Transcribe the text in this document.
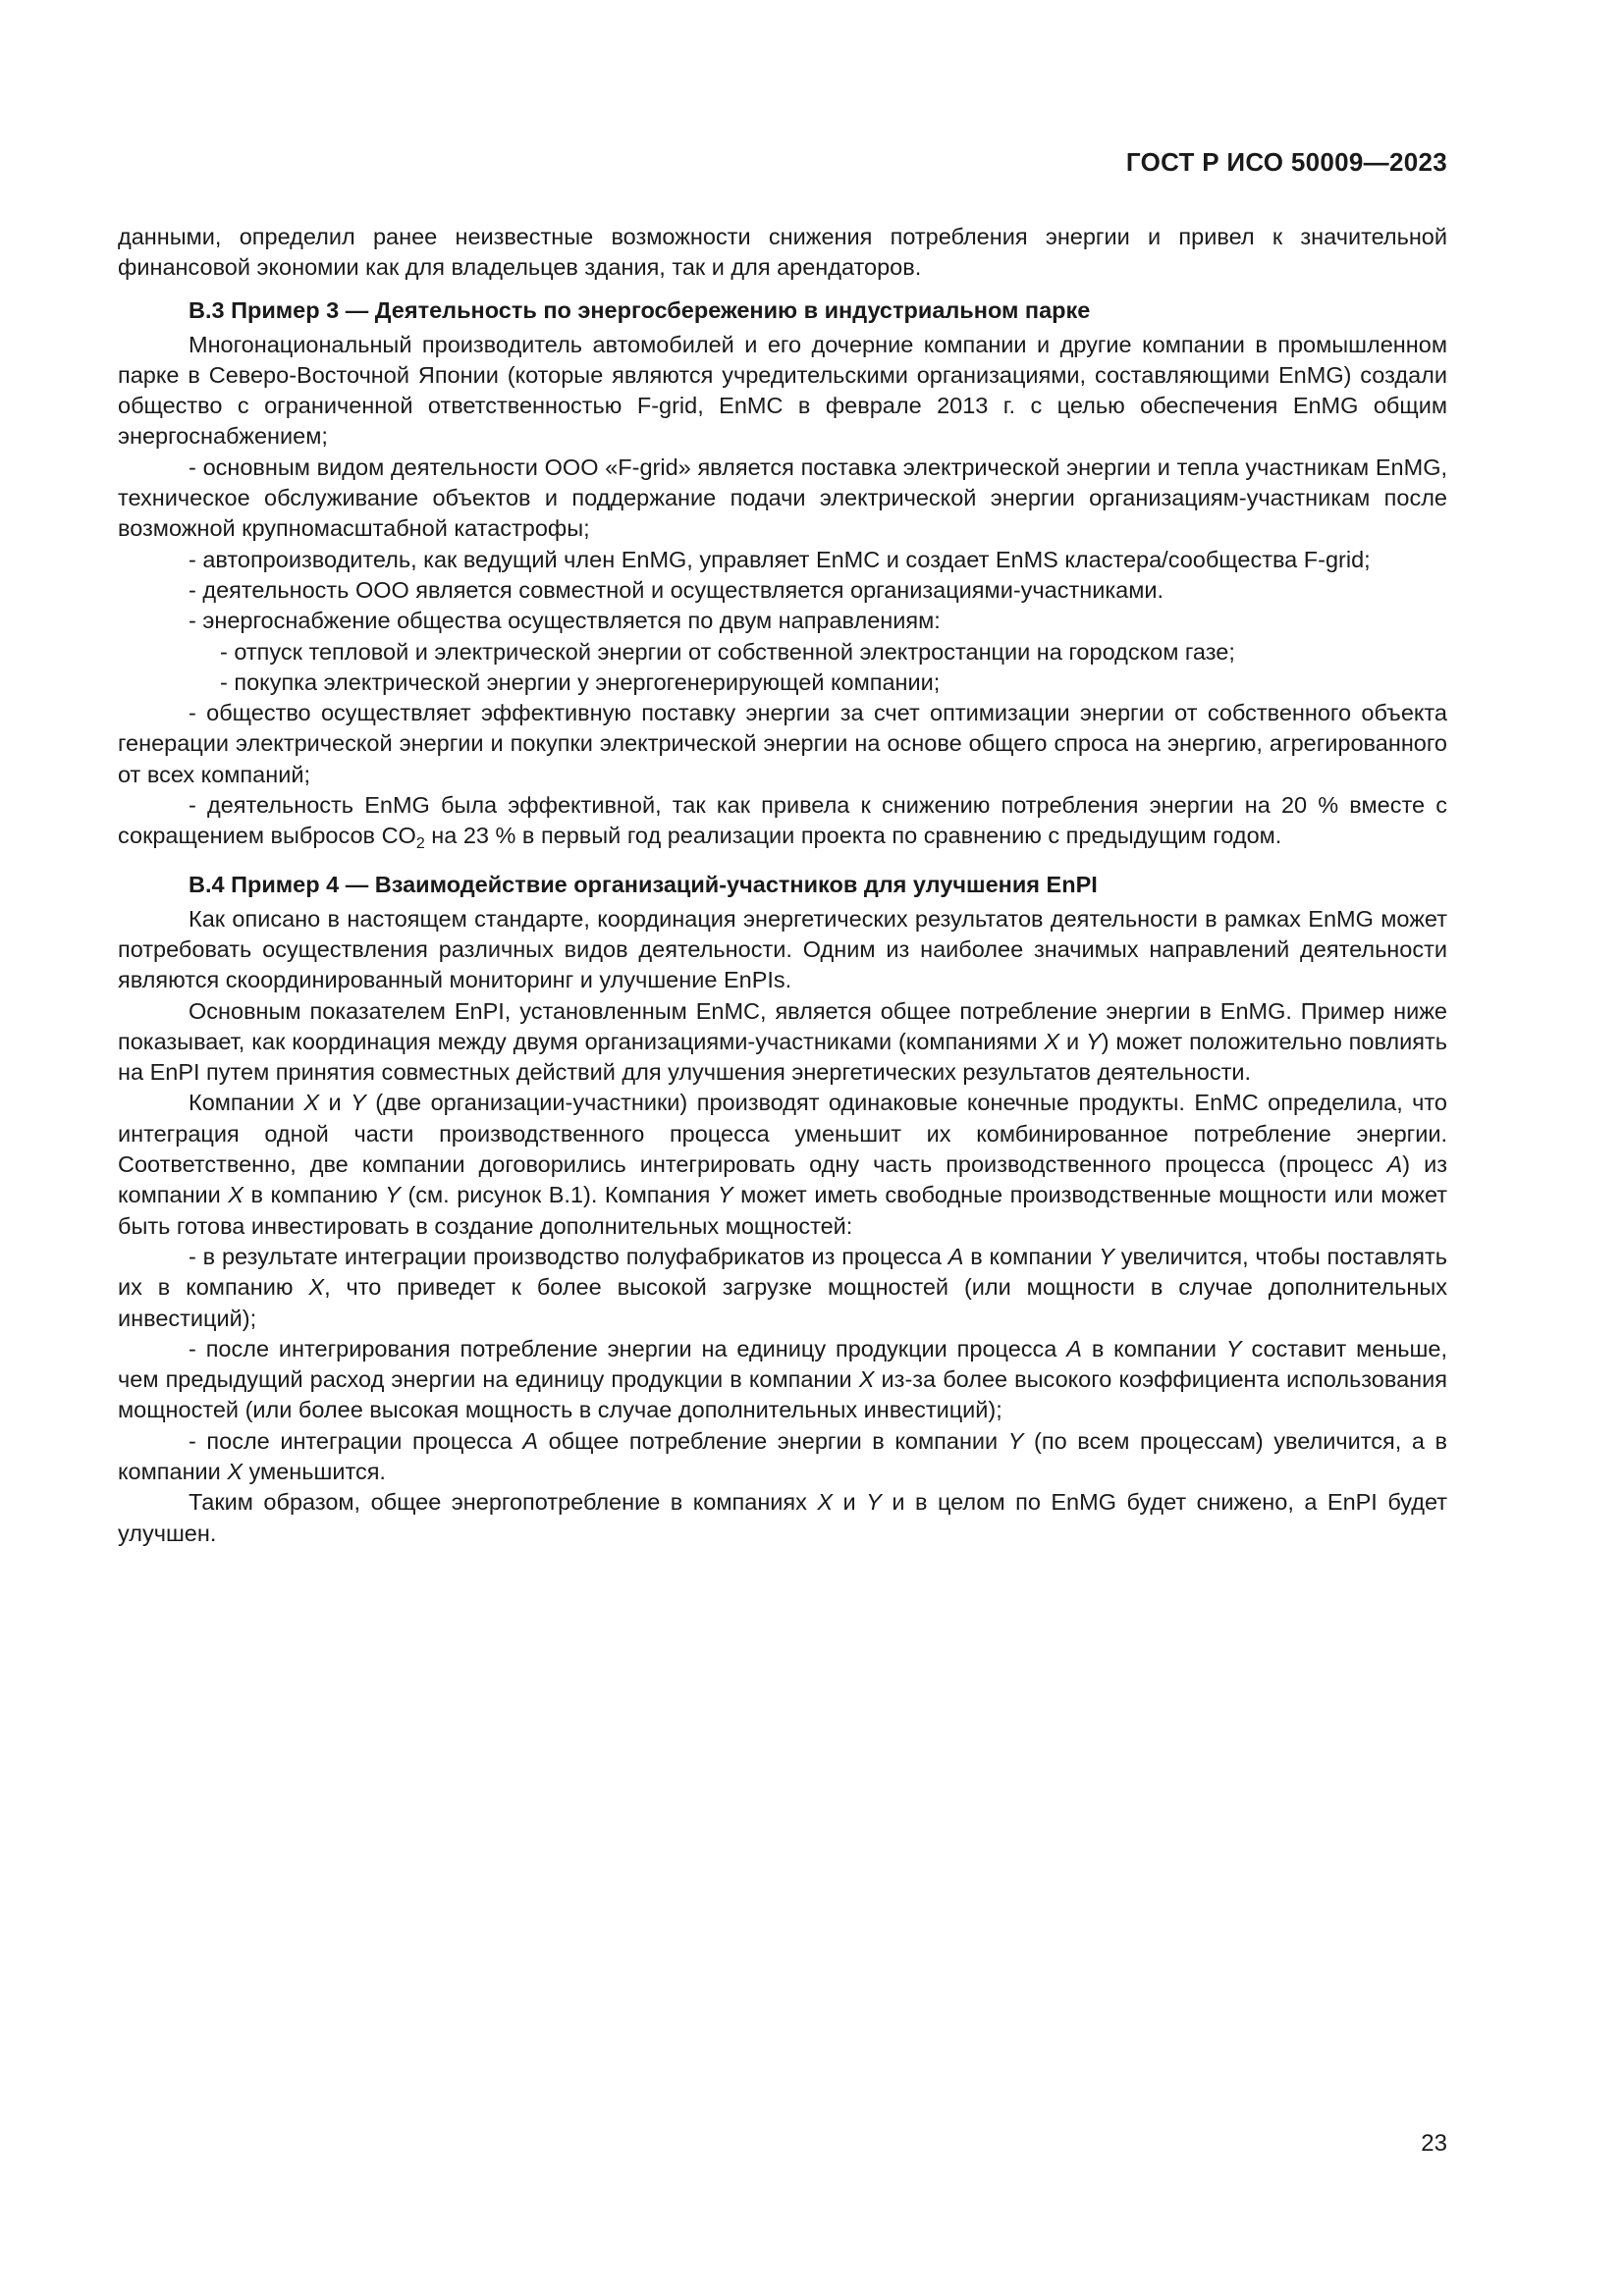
ГОСТ Р ИСО 50009—2023

данными, определил ранее неизвестные возможности снижения потребления энергии и привел к значительной финансовой экономии как для владельцев здания, так и для арендаторов.

В.3 Пример 3 — Деятельность по энергосбережению в индустриальном парке

Многонациональный производитель автомобилей и его дочерние компании и другие компании в промышленном парке в Северо-Восточной Японии (которые являются учредительскими организациями, составляющими EnMG) создали общество с ограниченной ответственностью F-grid, EnMC в феврале 2013 г. с целью обеспечения EnMG общим энергоснабжением;

- основным видом деятельности ООО «F-grid» является поставка электрической энергии и тепла участникам EnMG, техническое обслуживание объектов и поддержание подачи электрической энергии организациям-участникам после возможной крупномасштабной катастрофы;

- автопроизводитель, как ведущий член EnMG, управляет EnMC и создает EnMS кластера/сообщества F-grid;

- деятельность ООО является совместной и осуществляется организациями-участниками.

- энергоснабжение общества осуществляется по двум направлениям:

- отпуск тепловой и электрической энергии от собственной электростанции на городском газе;

- покупка электрической энергии у энергогенерирующей компании;

- общество осуществляет эффективную поставку энергии за счет оптимизации энергии от собственного объекта генерации электрической энергии и покупки электрической энергии на основе общего спроса на энергию, агрегированного от всех компаний;

- деятельность EnMG была эффективной, так как привела к снижению потребления энергии на 20 % вместе с сокращением выбросов $CO_2$ на 23 % в первый год реализации проекта по сравнению с предыдущим годом.

В.4 Пример 4 — Взаимодействие организаций-участников для улучшения EnPI

Как описано в настоящем стандарте, координация энергетических результатов деятельности в рамках EnMG может потребовать осуществления различных видов деятельности. Одним из наиболее значимых направлений деятельности являются скоординированный мониторинг и улучшение EnPIs.

Основным показателем EnPI, установленным EnMC, является общее потребление энергии в EnMG. Пример ниже показывает, как координация между двумя организациями-участниками (компаниями X и Y) может положительно повлиять на EnPI путем принятия совместных действий для улучшения энергетических результатов деятельности.

Компании X и Y (две организации-участники) производят одинаковые конечные продукты. EnMC определила, что интеграция одной части производственного процесса уменьшит их комбинированное потребление энергии. Соответственно, две компании договорились интегрировать одну часть производственного процесса (процесс A) из компании X в компанию Y (см. рисунок В.1). Компания Y может иметь свободные производственные мощности или может быть готова инвестировать в создание дополнительных мощностей:

- в результате интеграции производство полуфабрикатов из процесса A в компании Y увеличится, чтобы поставлять их в компанию X, что приведет к более высокой загрузке мощностей (или мощности в случае дополнительных инвестиций);

- после интегрирования потребление энергии на единицу продукции процесса A в компании Y составит меньше, чем предыдущий расход энергии на единицу продукции в компании X из-за более высокого коэффициента использования мощностей (или более высокая мощность в случае дополнительных инвестиций);

- после интеграции процесса A общее потребление энергии в компании Y (по всем процессам) увеличится, а в компании X уменьшится.

Таким образом, общее энергопотребление в компаниях X и Y и в целом по EnMG будет снижено, а EnPI будет улучшен.

23
